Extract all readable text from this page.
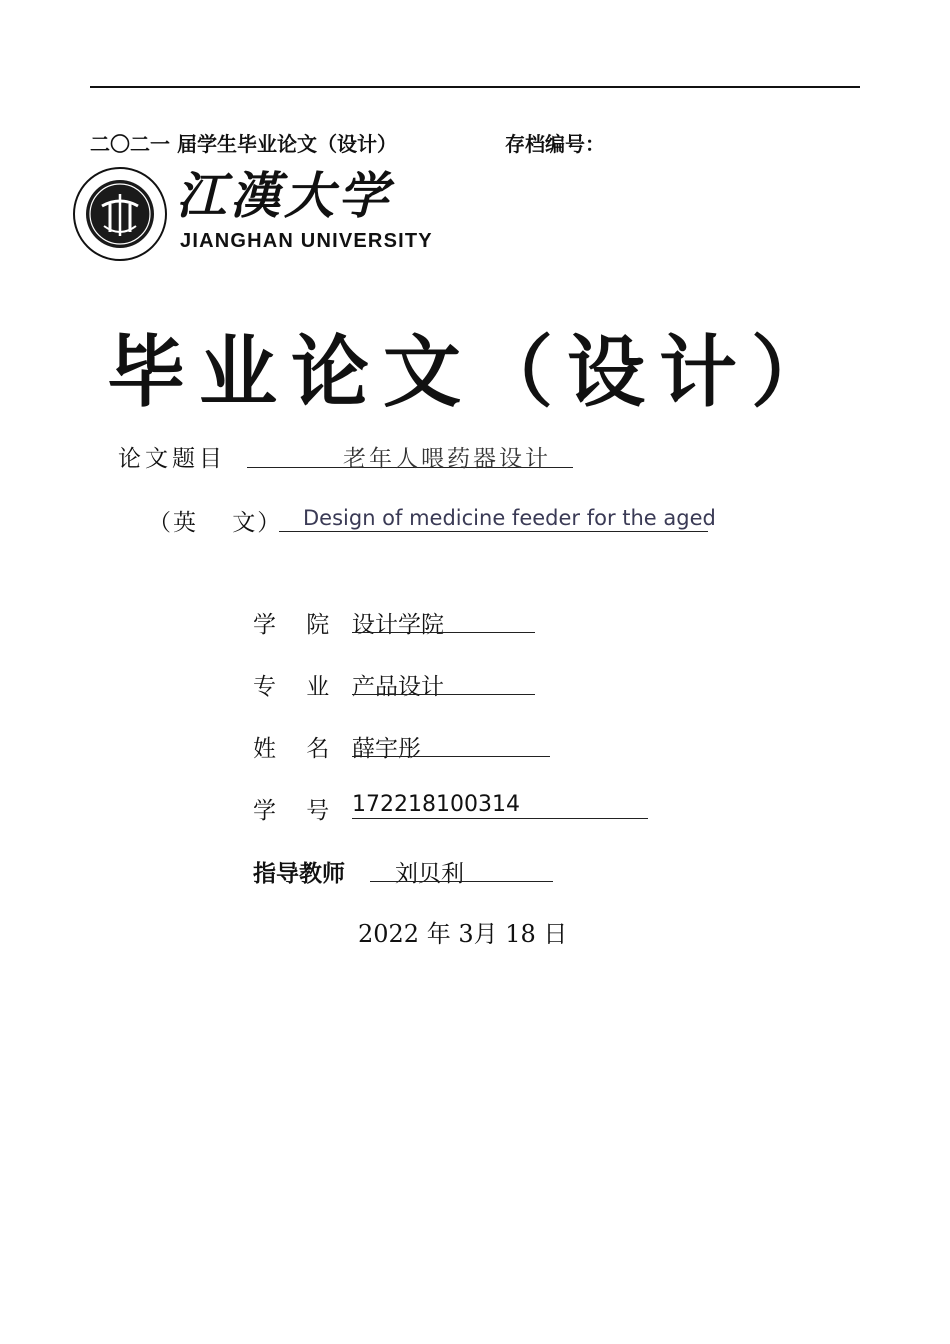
二〇二一 届学生毕业论文（设计）	存档编号：
江漢大学
JIANGHAN UNIVERSITY
毕业论文（设计）
论文题目	老年人喂药器设计
（英　 文） Design of medicine feeder for the aged
学　 院 设计学院
专　 业 产品设计
姓　 名 薛宇彤
学　 号 172218100314
指导教师 刘贝利
2022 年 3月 18 日
